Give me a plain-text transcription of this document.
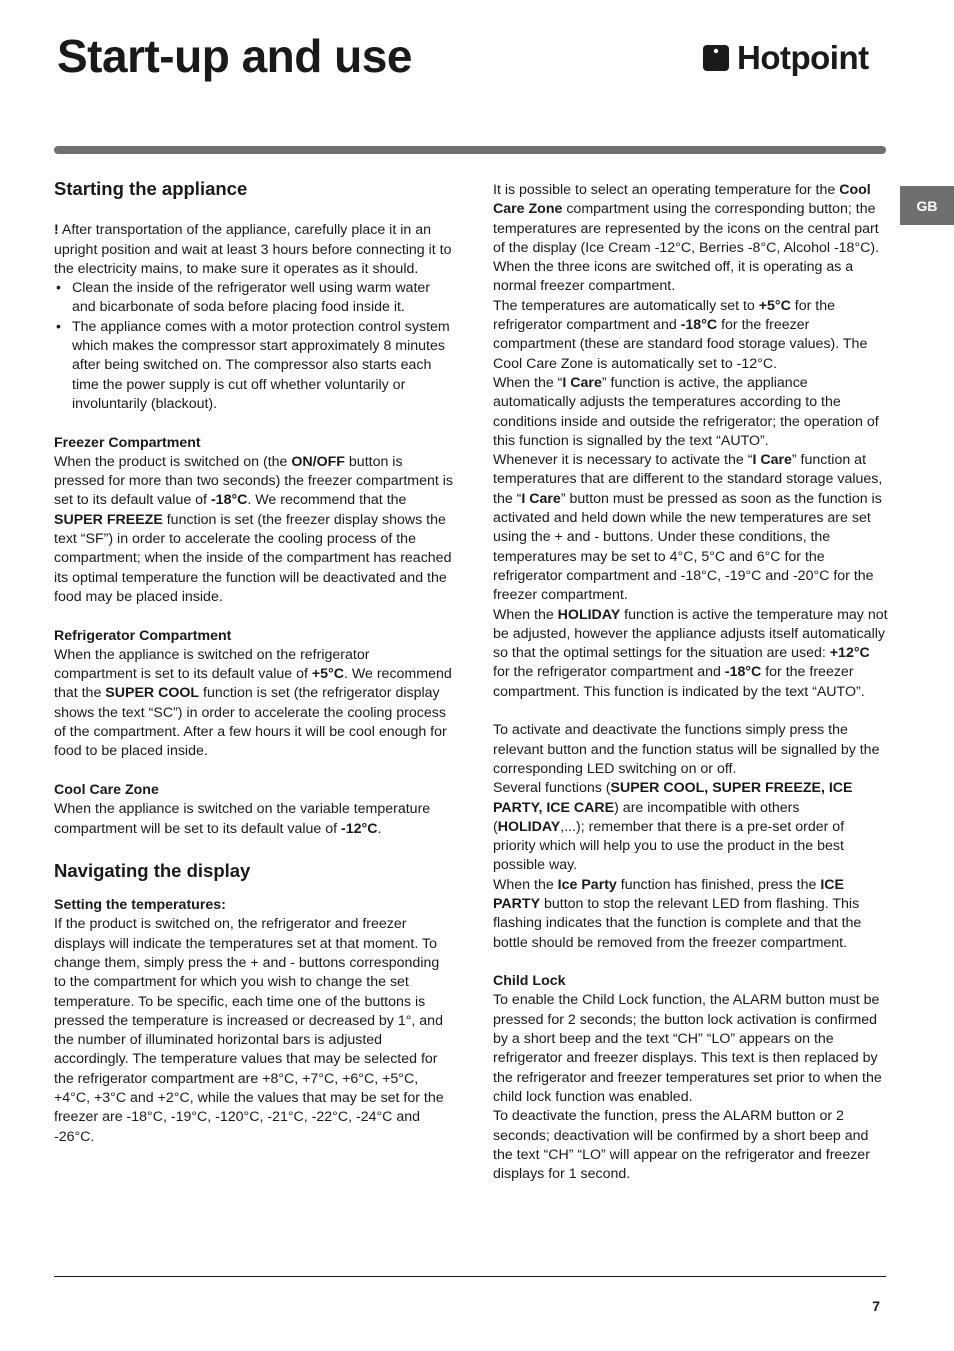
Start-up and use	Hotpoint
GB
Starting the appliance

! After transportation of the appliance, carefully place it in an upright position and wait at least 3 hours before connecting it to the electricity mains, to make sure it operates as it should.

• Clean the inside of the refrigerator well using warm water and bicarbonate of soda before placing food inside it.
• The appliance comes with a motor protection control system which makes the compressor start approximately 8 minutes after being switched on. The compressor also starts each time the power supply is cut off whether voluntarily or involuntarily (blackout).

Freezer Compartment

When the product is switched on (the ON/OFF button is pressed for more than two seconds) the freezer compartment is set to its default value of -18°C. We recommend that the SUPER FREEZE function is set (the freezer display shows the text “SF”) in order to accelerate the cooling process of the compartment; when the inside of the compartment has reached its optimal temperature the function will be deactivated and the food may be placed inside.

Refrigerator Compartment

When the appliance is switched on the refrigerator compartment is set to its default value of +5°C. We recommend that the SUPER COOL function is set (the refrigerator display shows the text “SC”) in order to accelerate the cooling process of the compartment. After a few hours it will be cool enough for food to be placed inside.

Cool Care Zone

When the appliance is switched on the variable temperature compartment will be set to its default value of -12°C.

Navigating the display

Setting the temperatures:

If the product is switched on, the refrigerator and freezer displays will indicate the temperatures set at that moment. To change them, simply press the + and - buttons corresponding to the compartment for which you wish to change the set temperature. To be specific, each time one of the buttons is pressed the temperature is increased or decreased by 1°, and the number of illuminated horizontal bars is adjusted accordingly. The temperature values that may be selected for the refrigerator compartment are +8°C, +7°C, +6°C, +5°C, +4°C, +3°C and +2°C, while the values that may be set for the freezer are -18°C, -19°C, -120°C, -21°C, -22°C, -24°C and -26°C.

It is possible to select an operating temperature for the Cool Care Zone compartment using the corresponding button; the temperatures are represented by the icons on the central part of the display (Ice Cream -12°C, Berries -8°C, Alcohol -18°C). When the three icons are switched off, it is operating as a normal freezer compartment.

The temperatures are automatically set to +5°C for the refrigerator compartment and -18°C for the freezer compartment (these are standard food storage values). The Cool Care Zone is automatically set to -12°C.

When the “I Care” function is active, the appliance automatically adjusts the temperatures according to the conditions inside and outside the refrigerator; the operation of this function is signalled by the text “AUTO”.

Whenever it is necessary to activate the “I Care” function at temperatures that are different to the standard storage values, the “I Care” button must be pressed as soon as the function is activated and held down while the new temperatures are set using the + and - buttons. Under these conditions, the temperatures may be set to 4°C, 5°C and 6°C for the refrigerator compartment and -18°C, -19°C and -20°C for the freezer compartment.

When the HOLIDAY function is active the temperature may not be adjusted, however the appliance adjusts itself automatically so that the optimal settings for the situation are used: +12°C for the refrigerator compartment and -18°C for the freezer compartment. This function is indicated by the text “AUTO”.

To activate and deactivate the functions simply press the relevant button and the function status will be signalled by the corresponding LED switching on or off.

Several functions (SUPER COOL, SUPER FREEZE, ICE PARTY, ICE CARE) are incompatible with others (HOLIDAY,...); remember that there is a pre-set order of priority which will help you to use the product in the best possible way.

When the Ice Party function has finished, press the ICE PARTY button to stop the relevant LED from flashing. This flashing indicates that the function is complete and that the bottle should be removed from the freezer compartment.

Child Lock

To enable the Child Lock function, the ALARM button must be pressed for 2 seconds; the button lock activation is confirmed by a short beep and the text “CH” “LO” appears on the refrigerator and freezer displays. This text is then replaced by the refrigerator and freezer temperatures set prior to when the child lock function was enabled.

To deactivate the function, press the ALARM button or 2 seconds; deactivation will be confirmed by a short beep and the text “CH” “LO” will appear on the refrigerator and freezer displays for 1 second.

7
